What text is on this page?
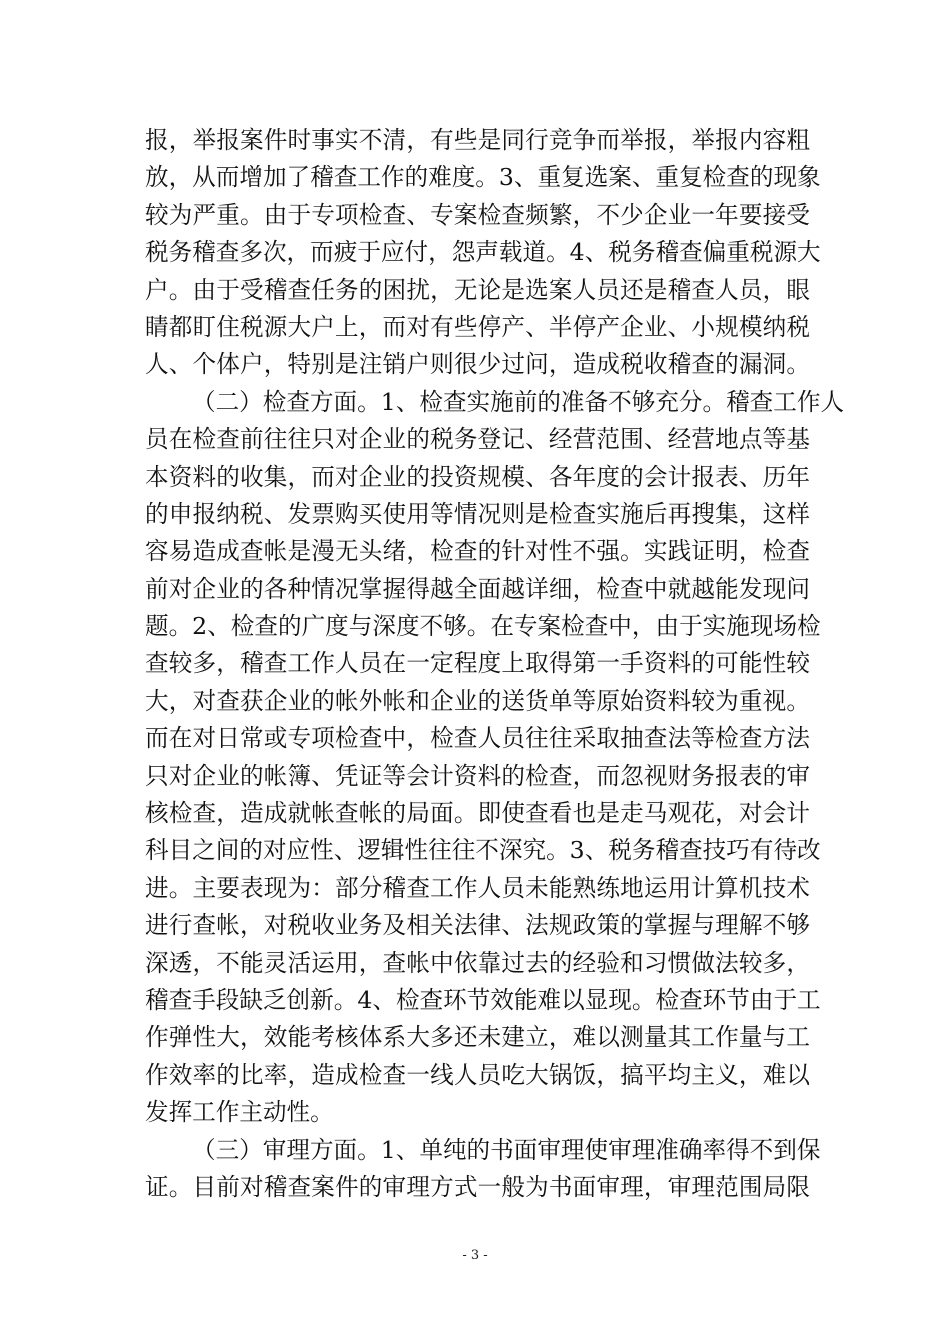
报，举报案件时事实不清，有些是同行竞争而举报，举报内容粗
放，从而增加了稽查工作的难度。3、重复选案、重复检查的现象
较为严重。由于专项检查、专案检查频繁，不少企业一年要接受
税务稽查多次，而疲于应付，怨声载道。4、税务稽查偏重税源大
户。由于受稽查任务的困扰，无论是选案人员还是稽查人员，眼
睛都盯住税源大户上，而对有些停产、半停产企业、小规模纳税
人、个体户，特别是注销户则很少过问，造成税收稽查的漏洞。
（二）检查方面。1、检查实施前的准备不够充分。稽查工作人
员在检查前往往只对企业的税务登记、经营范围、经营地点等基
本资料的收集，而对企业的投资规模、各年度的会计报表、历年
的申报纳税、发票购买使用等情况则是检查实施后再搜集，这样
容易造成查帐是漫无头绪，检查的针对性不强。实践证明，检查
前对企业的各种情况掌握得越全面越详细，检查中就越能发现问
题。2、检查的广度与深度不够。在专案检查中，由于实施现场检
查较多，稽查工作人员在一定程度上取得第一手资料的可能性较
大，对查获企业的帐外帐和企业的送货单等原始资料较为重视。
而在对日常或专项检查中，检查人员往往采取抽查法等检查方法
只对企业的帐簿、凭证等会计资料的检查，而忽视财务报表的审
核检查，造成就帐查帐的局面。即使查看也是走马观花，对会计
科目之间的对应性、逻辑性往往不深究。3、税务稽查技巧有待改
进。主要表现为：部分稽查工作人员未能熟练地运用计算机技术
进行查帐，对税收业务及相关法律、法规政策的掌握与理解不够
深透，不能灵活运用，查帐中依靠过去的经验和习惯做法较多，
稽查手段缺乏创新。4、检查环节效能难以显现。检查环节由于工
作弹性大，效能考核体系大多还未建立，难以测量其工作量与工
作效率的比率，造成检查一线人员吃大锅饭，搞平均主义，难以
发挥工作主动性。
（三）审理方面。1、单纯的书面审理使审理准确率得不到保
证。目前对稽查案件的审理方式一般为书面审理，审理范围局限
- 3 -
